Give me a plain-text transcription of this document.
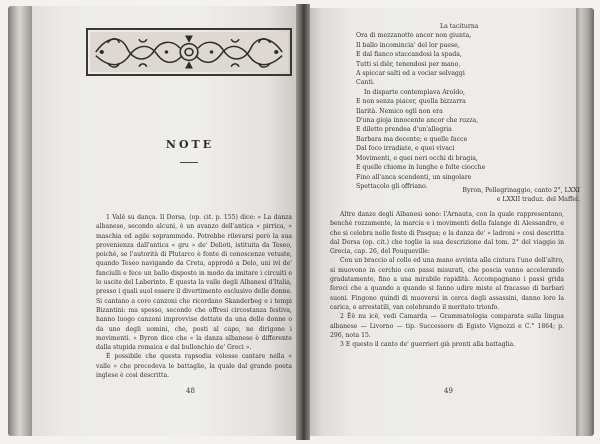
NOTE

1 Valê su dança. Il Dorsa, (op. cit. p. 155) dice: « La danza albanese, secondo alcuni, è un avanzo dell'antica « pirrica, » maschia ed agile soprammodo. Potrebbe rilevarsi però la sua provenienza dall'antica « gru » de' Delioti, istituita da Teseo, poichè, se l'autorità di Plutarco è fonte di conoscenze vetuste, quando Teseo navigando da Creta, approdò a Delo, uni ivi de' fanciulli e fece un ballo disposto in modo da imitare i circuiti e le uscite del Laberinto. È questa la valle degli Albanesi d'Italia, presso i quali suol essere il divertimento esclusivo delle donne. Si cantano a coro canzoni che ricordano Skanderbeg e i tempi Bizantini: ma spesso, secondo che offresi circostanza festiva, hanno luogo canzoni improvvise dettate da una delle donne o da uno degli uomini, che, posti al capo, ne dirigono i movimenti. » Byron dice che « la danza albanese è differente dalla stupida romaica e dal bullonchio de' Greci ».

È possibile che questa rapsodia volesse cantare nella « valle » che precedeva le battaglie, la quale dal grande poeta inglese è così descritta.

48
La taciturna
Ora di mezzanotte ancor non giunta,
Il ballo incomincia' del lor paese,
E dal fianco staccandosi la spada,
Tutti si diêr, tenendosi per mano,
A spiccar salti ed a vociar selvaggi
Canti.
In disparte contemplava Aroldo,
E non senza piacer, quella bizzarra
Ilarità. Nemico egli non era
D'una gioja innocente ancor che rozza,
E diletto prendea d'un'allegria
Barbara ma decente; e quelle facce
Dal foco irradiate, e quei vivaci
Movimenti, e quei neri occhi di bragia,
E quelle chiome in lunghe e folte ciocche
Fino all'anca scendenti, un singolare
Spettacolo gli offriano.
Byron, Pellegrinaggio, canto 2°, LXXI
e LXXII traduz. del Maffei.

Altre danze degli Albanesi sono: l'Arnauta, con la quale rappresentano, benchè rozzamente, la marcia e i movimenti della falange di Alessandro, e che si celebra nelle feste di Pasqua; e la danza de' « ladroni » così descritta dal Dorsa (op. cit.) che toglie la sua descrizione dal tom. 2° del viaggio in Grecia, cap. 26, del Pouqueville:

Con un braccio al collo ed una mano avvinta alla cintura l'uno dell'altro, si muovono in cerchio con passi misurati, che poscia vanno accelerando gradatamente, fino a una mirabile rapidità. Accompagnano i passi grida feroci che a quando a quando si fanno udire miste al fracasso di barbari suoni. Fingono quindi di muoversi in cerca degli assassini, danno loro la carica, e arrestatili, van celebrando il meritato trionfo.

2 Ëë nu icë, vedi Camarda — Grammatologia comparata sulla lingua albanese — Livorno — tip. Successore di Egisto Vignozzi e C.° 1864; p. 296, nota 15.

3 E questo il canto de' guerrieri già pronti alla battaglia.

49
